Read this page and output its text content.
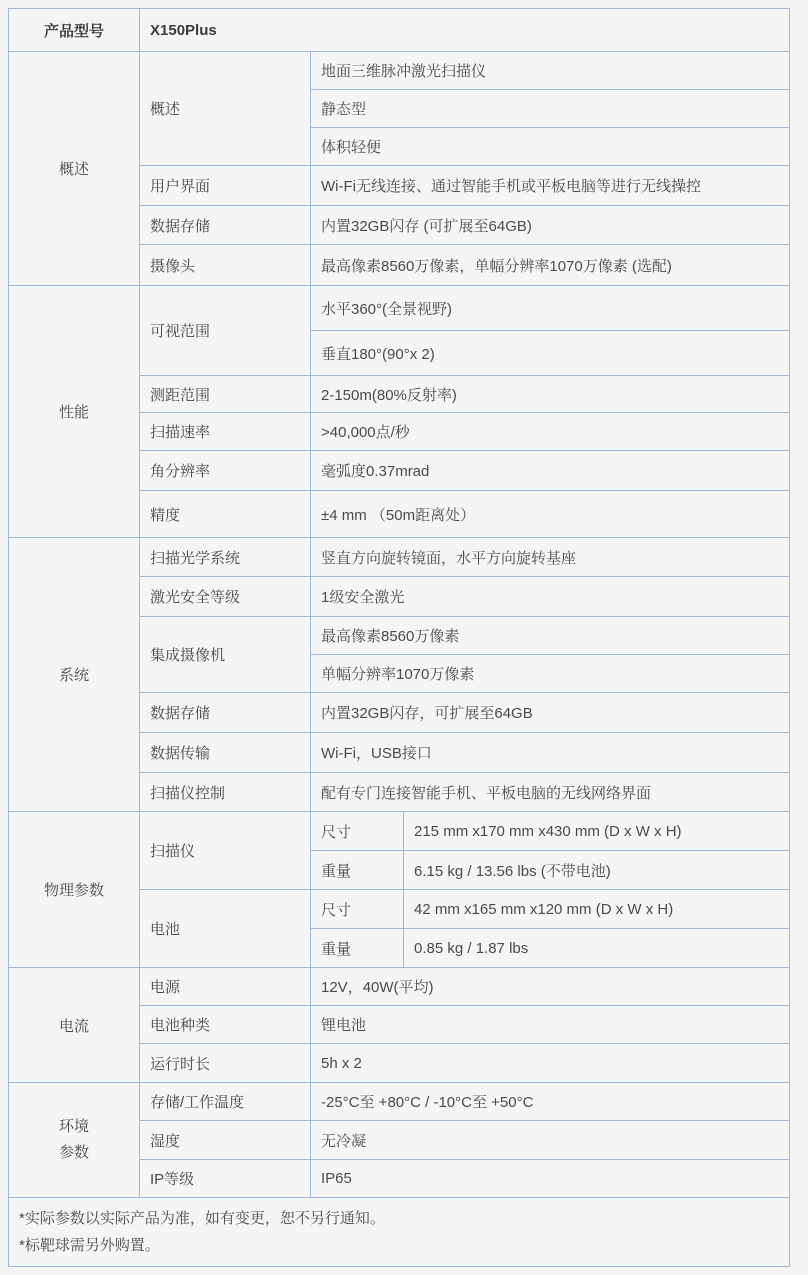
产品型号	X150Plus		
概述	概述	地面三维脉冲激光扫描仪	
		静态型	
		体积轻便	
	用户界面	Wi-Fi无线连接、通过智能手机或平板电脑等进行无线操控	
	数据存储	内置32GB闪存 (可扩展至64GB)	
	摄像头	最高像素8560万像素，单幅分辨率1070万像素 (选配)	
性能	可视范围	水平360°(全景视野)	
		垂直180°(90°x 2)	
	测距范围	2-150m(80%反射率)	
	扫描速率	>40,000点/秒	
	角分辨率	毫弧度0.37mrad	
	精度	±4 mm （50m距离处）	
系统	扫描光学系统	竖直方向旋转镜面，水平方向旋转基座	
	激光安全等级	1级安全激光	
	集成摄像机	最高像素8560万像素	
		单幅分辨率1070万像素	
	数据存储	内置32GB闪存，可扩展至64GB	
	数据传输	Wi-Fi，USB接口	
	扫描仪控制	配有专门连接智能手机、平板电脑的无线网络界面	
物理参数	扫描仪	尺寸	215 mm x170 mm x430 mm (D x W x H)
		重量	6.15 kg / 13.56 lbs (不带电池)
	电池	尺寸	42 mm x165 mm x120 mm (D x W x H)
		重量	0.85 kg / 1.87 lbs
电流	电源	12V，40W(平均)	
	电池种类	锂电池	
	运行时长	5h x 2	
环境参数	存储/工作温度	-25°C至 +80°C / -10°C至 +50°C	
	湿度	无冷凝	
	IP等级	IP65	

*实际参数以实际产品为准，如有变更，恕不另行通知。
*标靶球需另外购置。			
